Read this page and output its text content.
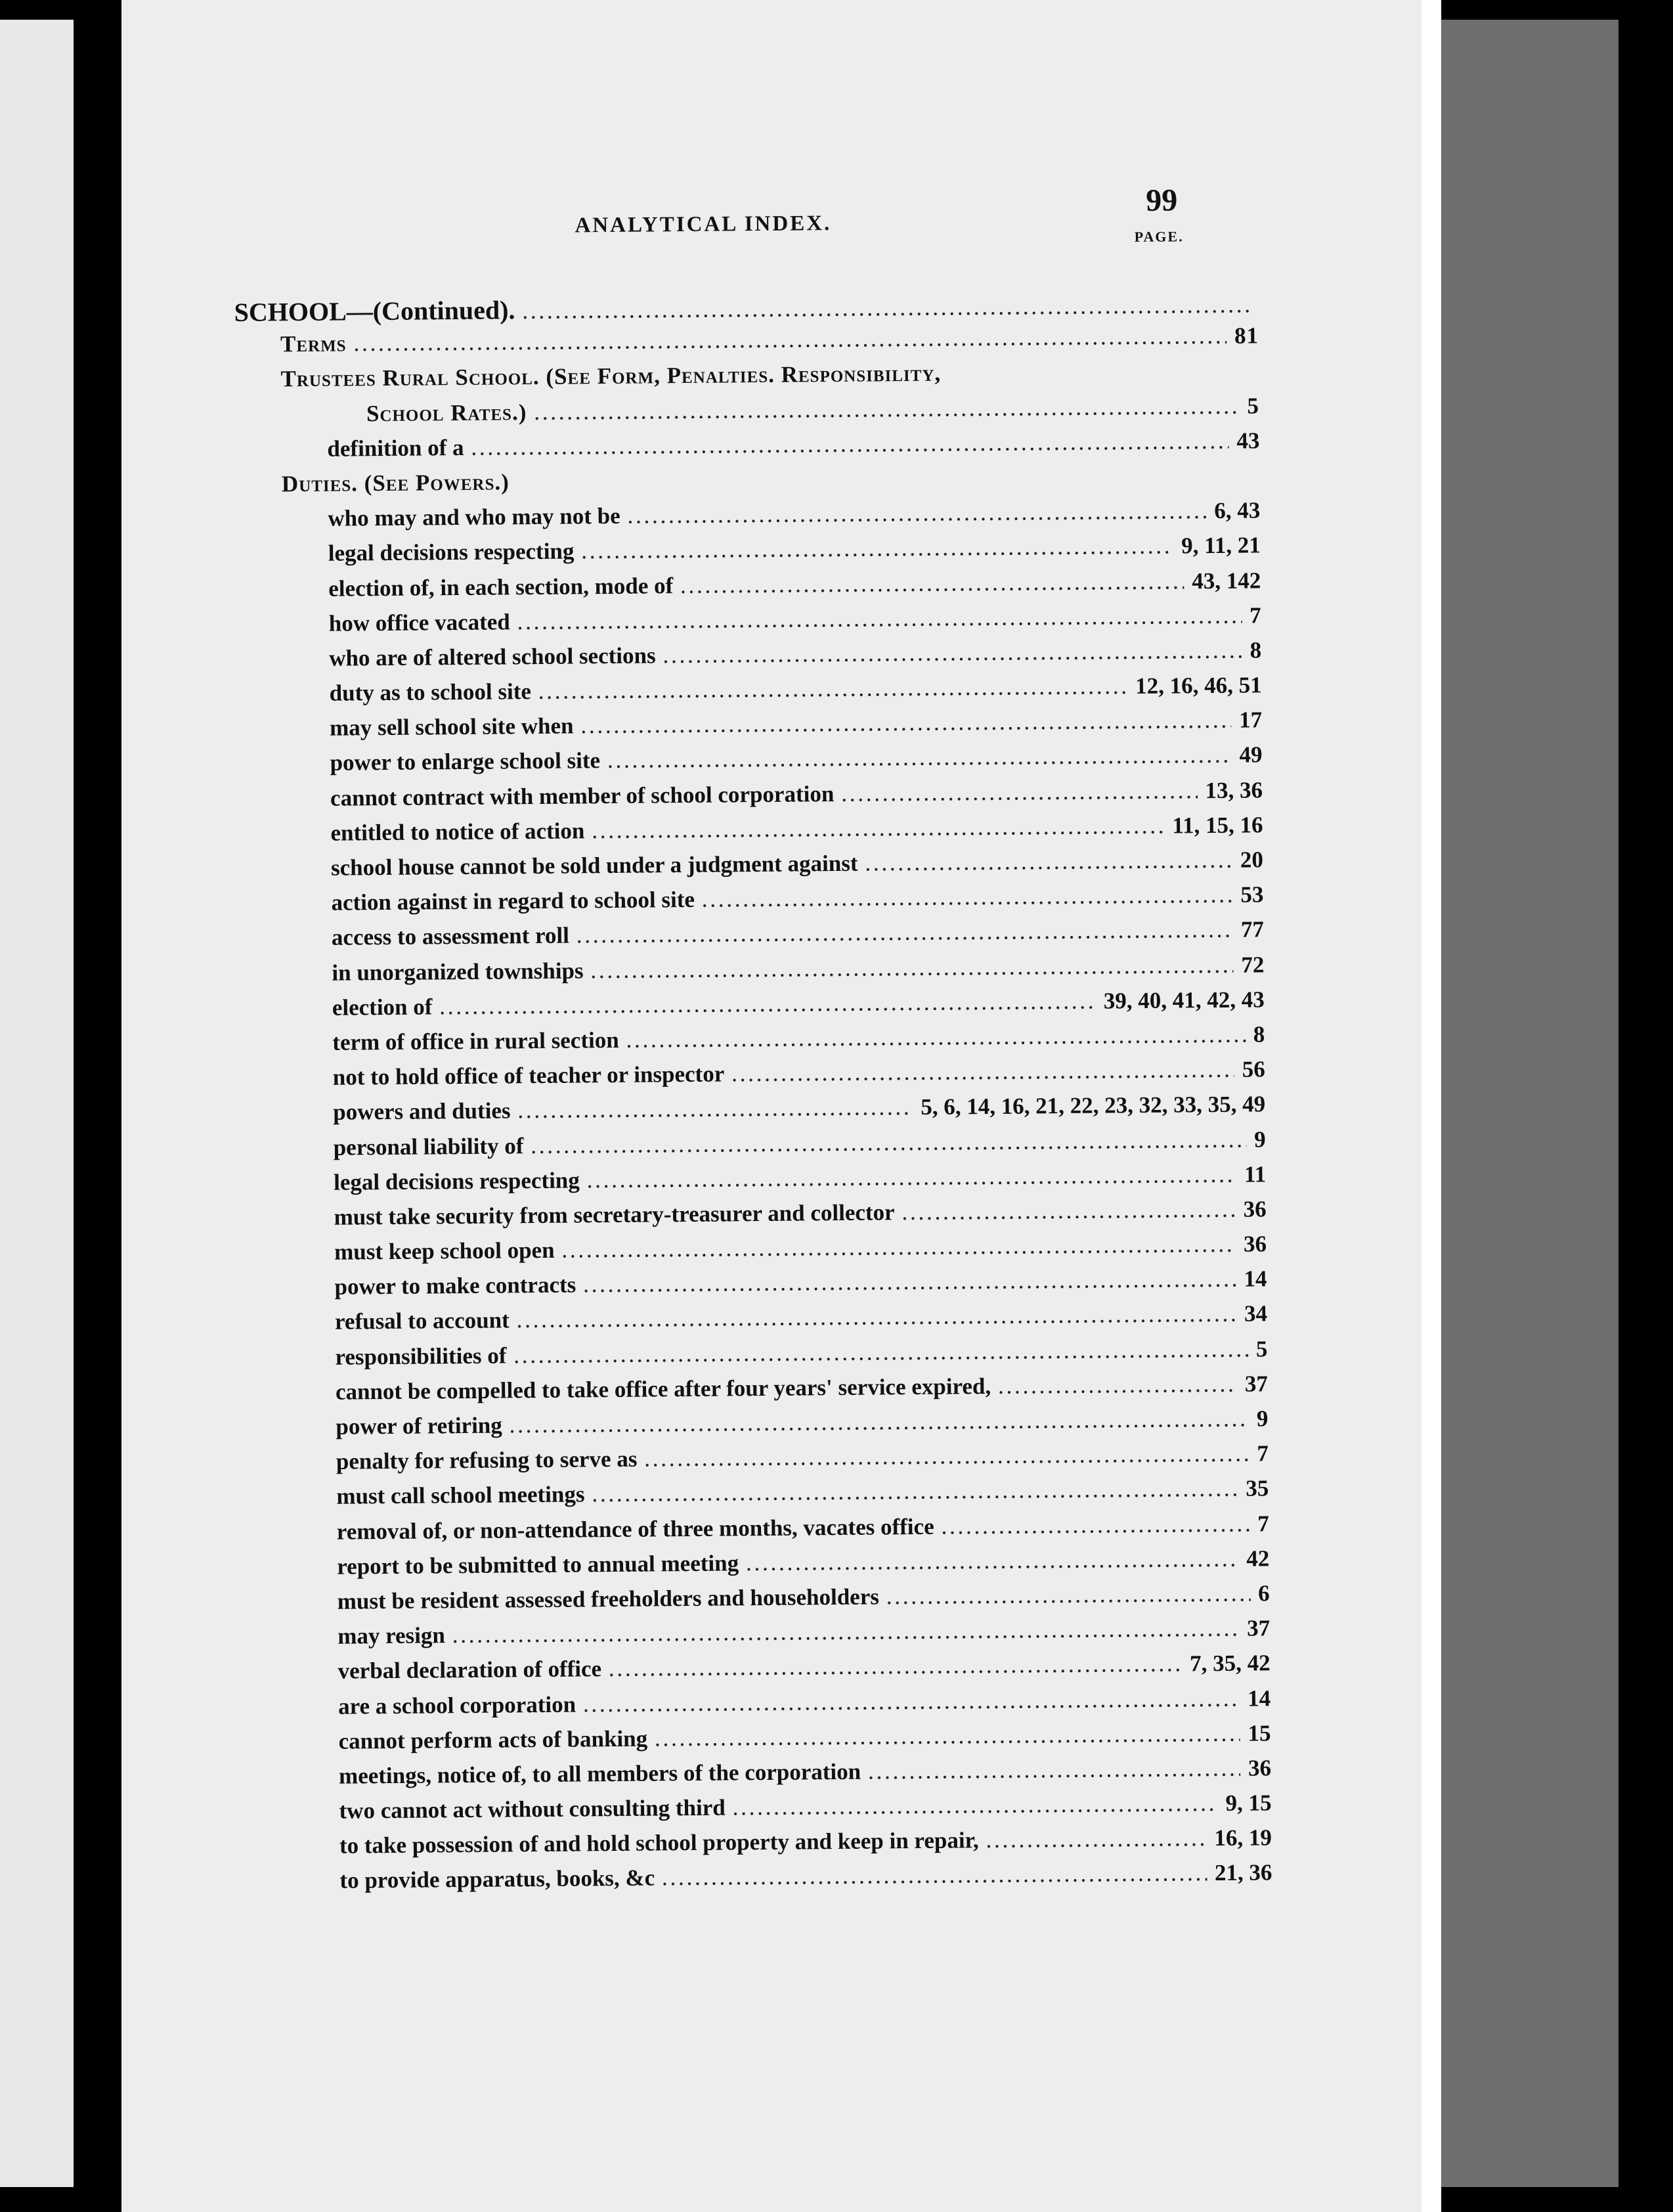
ANALYTICAL INDEX.
99
PAGE.
SCHOOL—(Continued).
.....
Terms .....	81
Trustees Rural School. (See Form, Penalties. Responsibility,
School Rates.) .....	5
definition of a .....	43
Duties. (See Powers.)
who may and who may not be .....	6, 43
legal decisions respecting .....	9, 11, 21
election of, in each section, mode of .....	43, 142
how office vacated .....	7
who are of altered school sections .....	8
duty as to school site .....	12, 16, 46, 51
may sell school site when .....	17
power to enlarge school site .....	49
cannot contract with member of school corporation .....	13, 36
entitled to notice of action .....	11, 15, 16
school house cannot be sold under a judgment against .....	20
action against in regard to school site .....	53
access to assessment roll .....	77
in unorganized townships .....	72
election of .....	39, 40, 41, 42, 43
term of office in rural section .....	8
not to hold office of teacher or inspector .....	56
powers and duties .....	5, 6, 14, 16, 21, 22, 23, 32, 33, 35, 49
personal liability of .....	9
legal decisions respecting .....	11
must take security from secretary-treasurer and collector .....	36
must keep school open .....	36
power to make contracts .....	14
refusal to account .....	34
responsibilities of .....	5
cannot be compelled to take office after four years' service expired, .....	37
power of retiring .....	9
penalty for refusing to serve as .....	7
must call school meetings .....	35
removal of, or non-attendance of three months, vacates office .....	7
report to be submitted to annual meeting .....	42
must be resident assessed freeholders and householders .....	6
may resign .....	37
verbal declaration of office .....	7, 35, 42
are a school corporation .....	14
cannot perform acts of banking .....	15
meetings, notice of, to all members of the corporation .....	36
two cannot act without consulting third .....	9, 15
to take possession of and hold school property and keep in repair, .....	16, 19
to provide apparatus, books, &c .....	21, 36
